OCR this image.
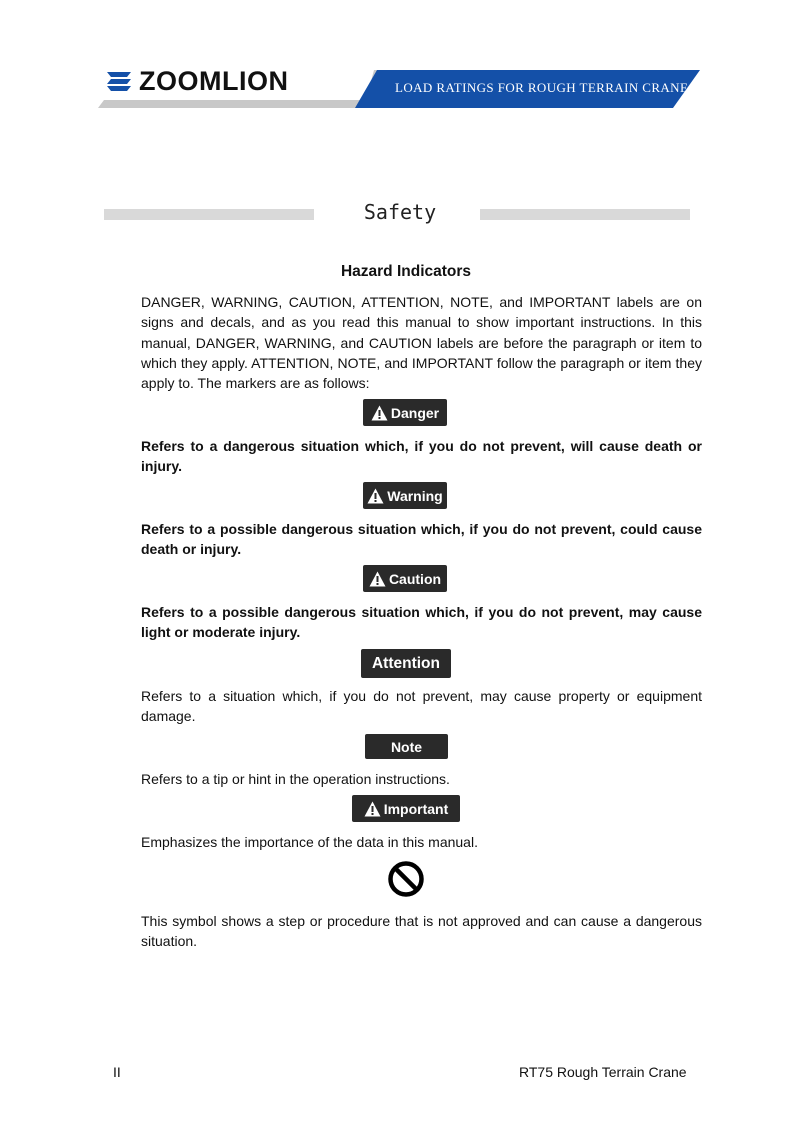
LOAD RATINGS FOR ROUGH TERRAIN CRANE
ZOOMLION
Safety
Hazard Indicators

DANGER, WARNING, CAUTION, ATTENTION, NOTE, and IMPORTANT labels are on signs and decals, and as you read this manual to show important instructions. In this manual, DANGER, WARNING, and CAUTION labels are before the paragraph or item to which they apply. ATTENTION, NOTE, and IMPORTANT follow the paragraph or item they apply to. The markers are as follows:

Danger

Refers to a dangerous situation which, if you do not prevent, will cause death or injury.

Warning

Refers to a possible dangerous situation which, if you do not prevent, could cause death or injury.

Caution

Refers to a possible dangerous situation which, if you do not prevent, may cause light or moderate injury.

Attention

Refers to a situation which, if you do not prevent, may cause property or equipment damage.

Note

Refers to a tip or hint in the operation instructions.

Important

Emphasizes the importance of the data in this manual.

This symbol shows a step or procedure that is not approved and can cause a dangerous situation.

II	RT75 Rough Terrain Crane
